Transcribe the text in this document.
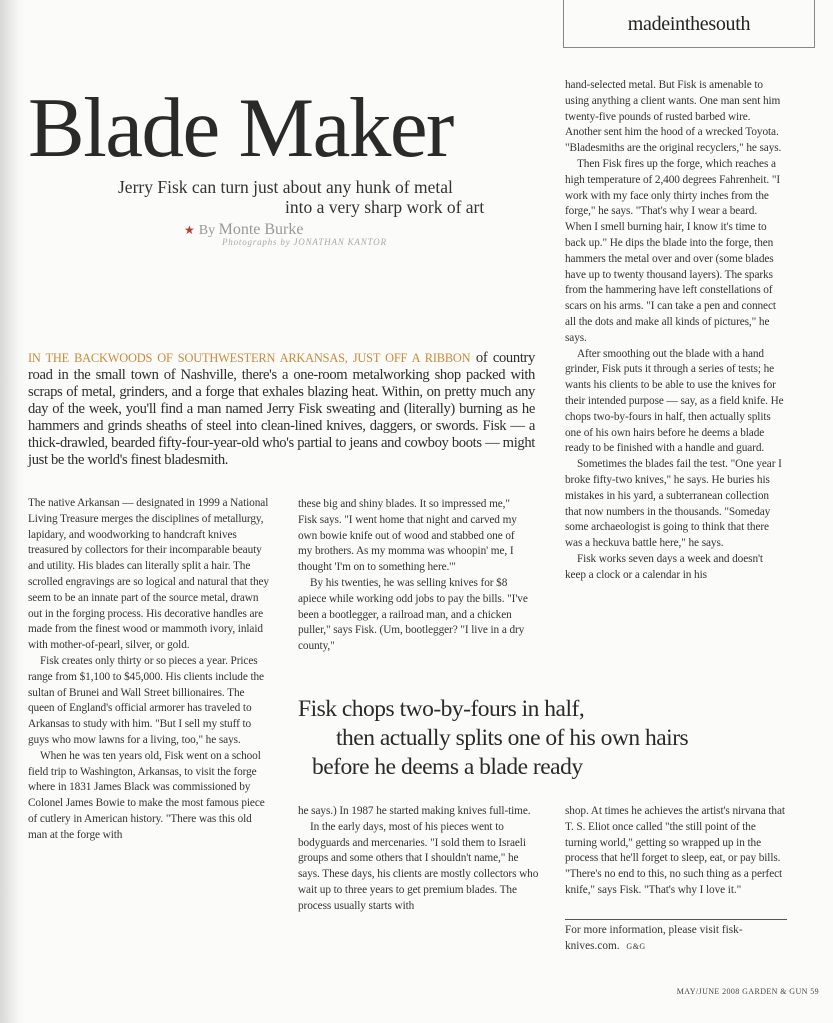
madeinthesouth
Blade Maker
Jerry Fisk can turn just about any hunk of metal
into a very sharp work of art
★ By Monte Burke
Photographs by JONATHAN KANTOR

IN THE BACKWOODS OF SOUTHWESTERN ARKANSAS, JUST OFF A RIBBON of country road in the small town of Nashville, there's a one-room metalworking shop packed with scraps of metal, grinders, and a forge that exhales blazing heat. Within, on pretty much any day of the week, you'll find a man named Jerry Fisk sweating and (literally) burning as he hammers and grinds sheaths of steel into clean-lined knives, daggers, or swords. Fisk — a thick-drawled, bearded fifty-four-year-old who's partial to jeans and cowboy boots — might just be the world's finest bladesmith.

The native Arkansan — designated in 1999 a National Living Treasure merges the disciplines of metallurgy, lapidary, and woodworking to handcraft knives treasured by collectors for their incomparable beauty and utility. His blades can literally split a hair. The scrolled engravings are so logical and natural that they seem to be an innate part of the source metal, drawn out in the forging process. His decorative handles are made from the finest wood or mammoth ivory, inlaid with mother-of-pearl, silver, or gold.

Fisk creates only thirty or so pieces a year. Prices range from $1,100 to $45,000. His clients include the sultan of Brunei and Wall Street billionaires. The queen of England's official armorer has traveled to Arkansas to study with him. "But I sell my stuff to guys who mow lawns for a living, too," he says.

When he was ten years old, Fisk went on a school field trip to Washington, Arkansas, to visit the forge where in 1831 James Black was commissioned by Colonel James Bowie to make the most famous piece of cutlery in American history. "There was this old man at the forge with

these big and shiny blades. It so impressed me," Fisk says. "I went home that night and carved my own bowie knife out of wood and stabbed one of my brothers. As my momma was whoopin' me, I thought 'I'm on to something here.'"

By his twenties, he was selling knives for $8 apiece while working odd jobs to pay the bills. "I've been a bootlegger, a railroad man, and a chicken puller," says Fisk. (Um, bootlegger? "I live in a dry county,"

hand-selected metal. But Fisk is amenable to using anything a client wants. One man sent him twenty-five pounds of rusted barbed wire. Another sent him the hood of a wrecked Toyota. "Bladesmiths are the original recyclers," he says.

Then Fisk fires up the forge, which reaches a high temperature of 2,400 degrees Fahrenheit. "I work with my face only thirty inches from the forge," he says. "That's why I wear a beard. When I smell burning hair, I know it's time to back up." He dips the blade into the forge, then hammers the metal over and over (some blades have up to twenty thousand layers). The sparks from the hammering have left constellations of scars on his arms. "I can take a pen and connect all the dots and make all kinds of pictures," he says.

After smoothing out the blade with a hand grinder, Fisk puts it through a series of tests; he wants his clients to be able to use the knives for their intended purpose — say, as a field knife. He chops two-by-fours in half, then actually splits one of his own hairs before he deems a blade ready to be finished with a handle and guard.

Sometimes the blades fail the test. "One year I broke fifty-two knives," he says. He buries his mistakes in his yard, a subterranean collection that now numbers in the thousands. "Someday some archaeologist is going to think that there was a heckuva battle here," he says.

Fisk works seven days a week and doesn't keep a clock or a calendar in his

Fisk chops two-by-fours in half,
then actually splits one of his own hairs
before he deems a blade ready

he says.) In 1987 he started making knives full-time.

In the early days, most of his pieces went to bodyguards and mercenaries. "I sold them to Israeli groups and some others that I shouldn't name," he says. These days, his clients are mostly collectors who wait up to three years to get premium blades. The process usually starts with

shop. At times he achieves the artist's nirvana that T. S. Eliot once called "the still point of the turning world," getting so wrapped up in the process that he'll forget to sleep, eat, or pay bills. "There's no end to this, no such thing as a perfect knife," says Fisk. "That's why I love it."

For more information, please visit fisk-knives.com. G&G
MAY/JUNE 2008 GARDEN & GUN 59
